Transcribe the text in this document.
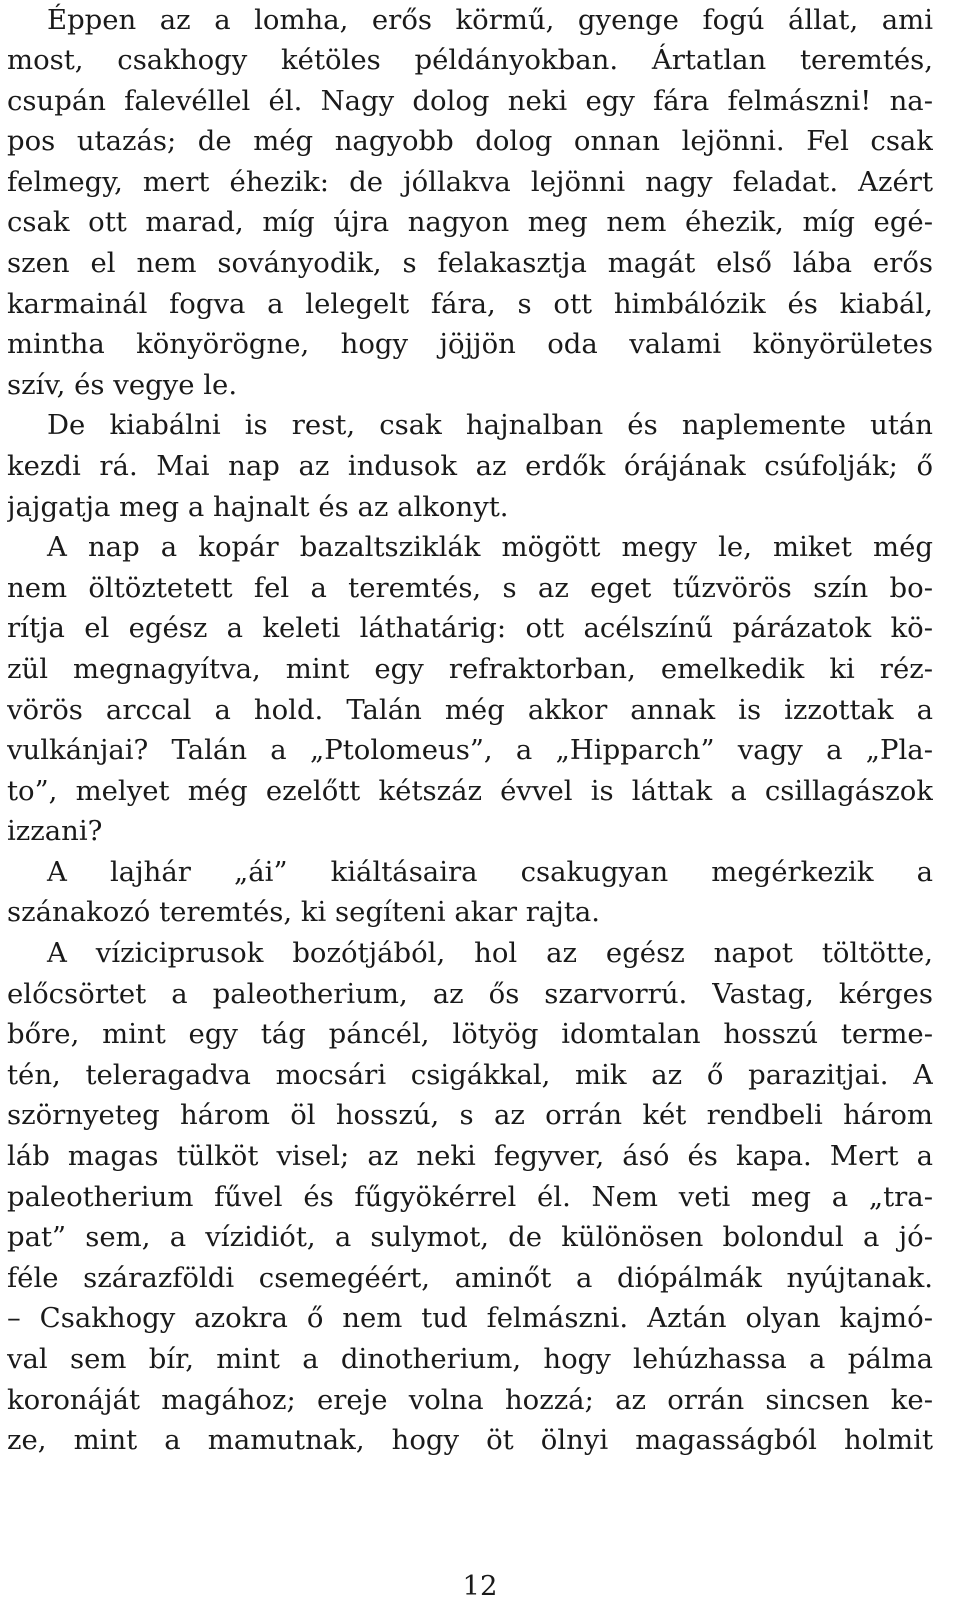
Éppen az a lomha, erős körmű, gyenge fogú állat, ami
most, csakhogy kétöles példányokban. Ártatlan teremtés,
csupán falevéllel él. Nagy dolog neki egy fára felmászni! na-
pos utazás; de még nagyobb dolog onnan lejönni. Fel csak
felmegy, mert éhezik: de jóllakva lejönni nagy feladat. Azért
csak ott marad, míg újra nagyon meg nem éhezik, míg egé-
szen el nem soványodik, s felakasztja magát első lába erős
karmainál fogva a lelegelt fára, s ott himbálózik és kiabál,
mintha könyörögne, hogy jöjjön oda valami könyörületes
szív, és vegye le.
De kiabálni is rest, csak hajnalban és naplemente után
kezdi rá. Mai nap az indusok az erdők órájának csúfolják; ő
jajgatja meg a hajnalt és az alkonyt.
A nap a kopár bazaltsziklák mögött megy le, miket még
nem öltöztetett fel a teremtés, s az eget tűzvörös szín bo-
rítja el egész a keleti láthatárig: ott acélszínű párázatok kö-
zül megnagyítva, mint egy refraktorban, emelkedik ki réz-
vörös arccal a hold. Talán még akkor annak is izzottak a
vulkánjai? Talán a „Ptolomeus”, a „Hipparch” vagy a „Pla-
to”, melyet még ezelőtt kétszáz évvel is láttak a csillagászok
izzani?
A lajhár „ái” kiáltásaira csakugyan megérkezik a
szánakozó teremtés, ki segíteni akar rajta.
A víziciprusok bozótjából, hol az egész napot töltötte,
előcsörtet a paleotherium, az ős szarvorrú. Vastag, kérges
bőre, mint egy tág páncél, lötyög idomtalan hosszú terme-
tén, teleragadva mocsári csigákkal, mik az ő parazitjai. A
szörnyeteg három öl hosszú, s az orrán két rendbeli három
láb magas tülköt visel; az neki fegyver, ásó és kapa. Mert a
paleotherium fűvel és fűgyökérrel él. Nem veti meg a „tra-
pat” sem, a vízidiót, a sulymot, de különösen bolondul a jó-
féle szárazföldi csemegéért, aminőt a diópálmák nyújtanak.
– Csakhogy azokra ő nem tud felmászni. Aztán olyan kajmó-
val sem bír, mint a dinotherium, hogy lehúzhassa a pálma
koronáját magához; ereje volna hozzá; az orrán sincsen ke-
ze, mint a mamutnak, hogy öt ölnyi magasságból holmit
12
